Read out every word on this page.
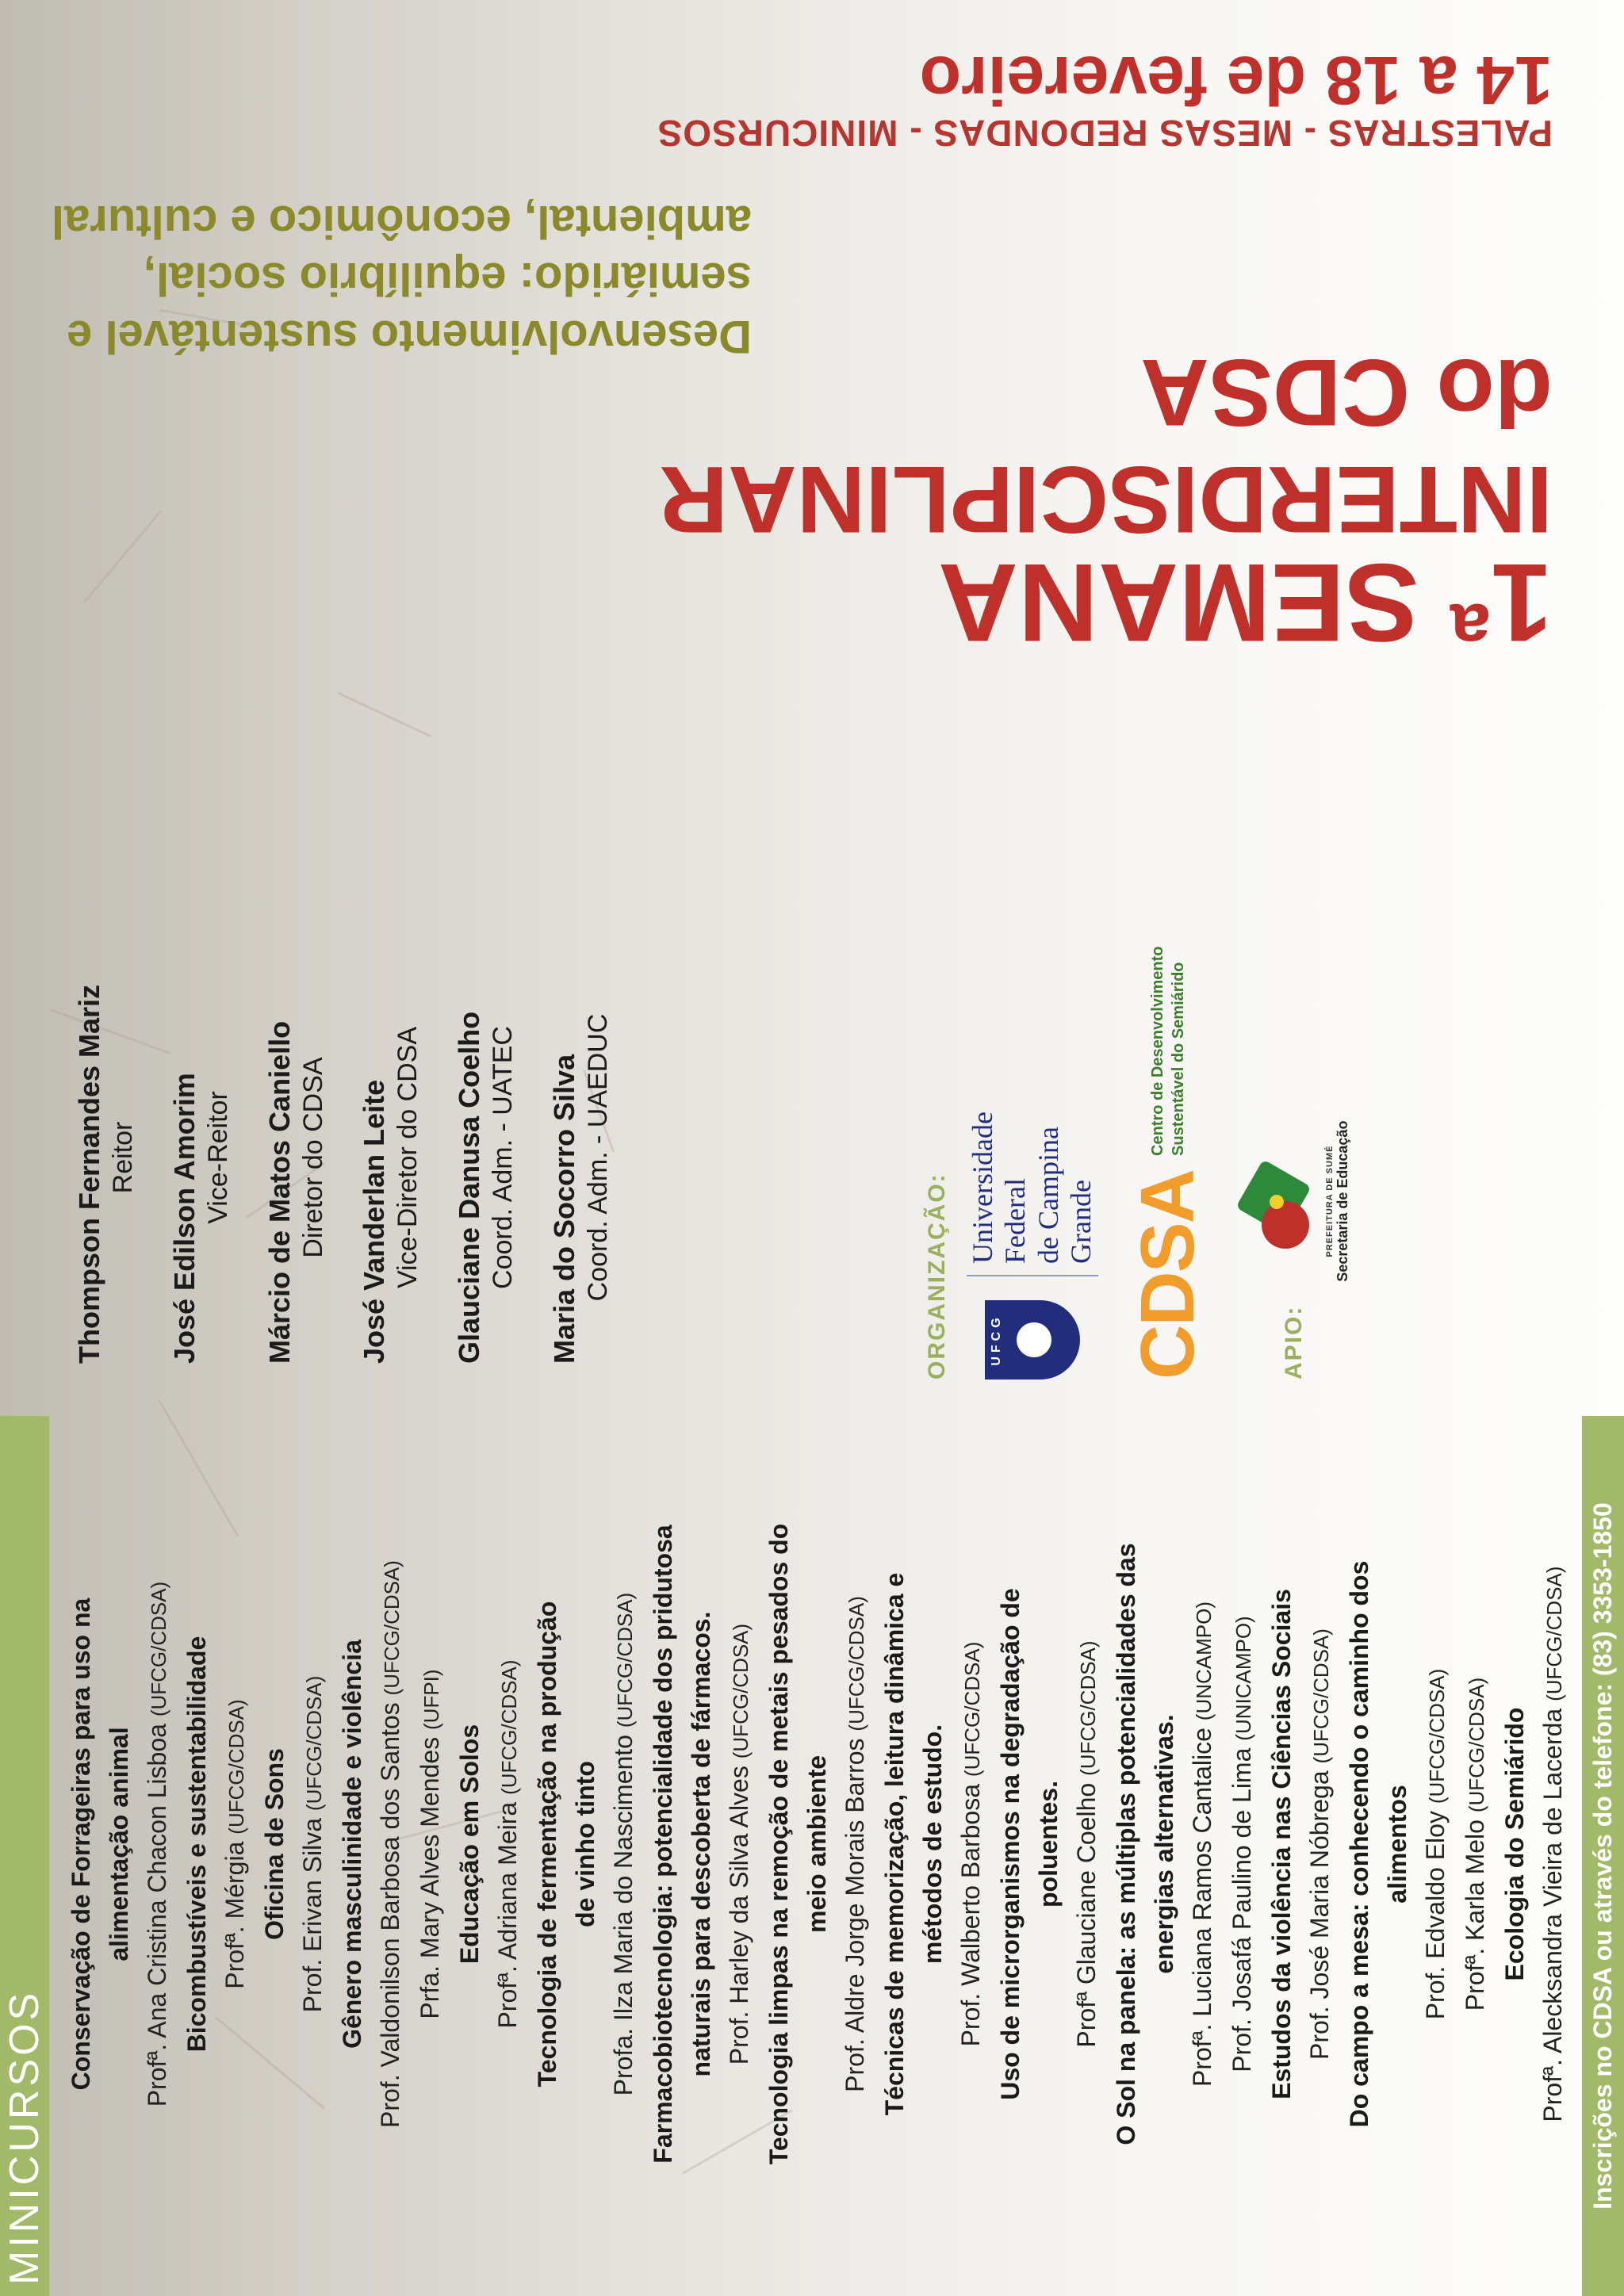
PALESTRAS - MESAS REDONDAS - MINICURSOS
14 a 18 de fevereiro
1ª SEMANA
INTERDISCIPLINAR
do CDSA
Desenvolvimento sustentável e semiárido: equilíbrio social, ambiental, econômico e cultural
Thompson Fernandes Mariz Reitor José Edilson Amorim Vice-Reitor Márcio de Matos Caniello Diretor do CDSA José Vanderlan Leite Vice-Diretor do CDSA Glauciane Danusa Coelho Coord. Adm. - UATEC Maria do Socorro Silva Coord. Adm. - UAEDUC	ORGANIZAÇÃO:	UFCG
Universidade Federal de Campina Grande CDSA
Centro de Desenvolvimento Sustentável do Semiárido
APIO:
PREFEITURA DE SUMÉ Secretaria de Educação
MINICURSOS
Conservação de Forrageiras para uso na alimentação animal Profª. Ana Cristina Chacon Lisboa (UFCG/CDSA) Bicombustíveis e sustentabilidade Profª. Mérgia (UFCG/CDSA) Oficina de Sons Prof. Erivan Silva (UFCG/CDSA) Gênero masculinidade e violência Prof. Valdonilson Barbosa dos Santos (UFCG/CDSA)
Prfa. Mary Alves Mendes (UFPI)
Educação em Solos Profª. Adriana Meira (UFCG/CDSA) Tecnologia de fermentação na produção de vinho tinto Profa. Ilza Maria do Nascimento (UFCG/CDSA) Farmacobiotecnologia: potencialidade dos pridutosa naturais para descoberta de fármacos. Prof. Harley da Silva Alves (UFCG/CDSA) Tecnologia limpas na remoção de metais pesados do meio ambiente Prof. Aldre Jorge Morais Barros (UFCG/CDSA) Técnicas de memorização, leitura dinâmica e métodos de estudo. Prof. Walberto Barbosa (UFCG/CDSA) Uso de microrganismos na degradação de poluentes. Profª Glauciane Coelho (UFCG/CDSA) O Sol na panela: as múltiplas potencialidades das energias alternativas. Profª. Luciana Ramos Cantalice (UNCAMPO)
Prof. Josafá Paulino de Lima (UNICAMPO) Estudos da violência nas Ciências Sociais Prof. José Maria Nóbrega (UFCG/CDSA) Do campo a mesa: conhecendo o caminho dos alimentos Prof. Edvaldo Eloy (UFCG/CDSA)
Profª. Karla Melo (UFCG/CDSA) Ecologia do Semiárido Profª. Alecksandra Vieira de Lacerda (UFCG/CDSA) Inscrições no CDSA ou através do telefone: (83) 3353-1850
